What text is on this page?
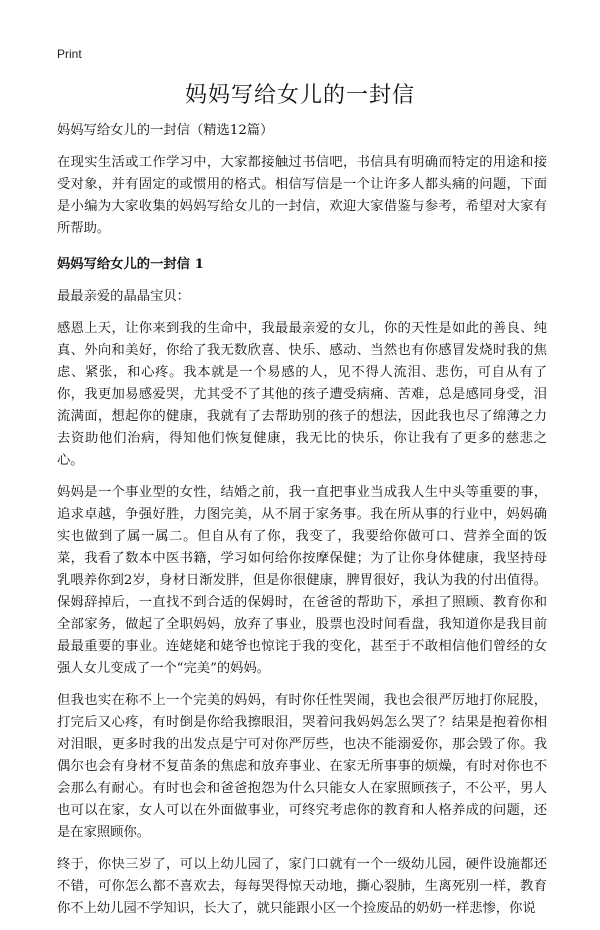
Print
妈妈写给女儿的一封信

妈妈写给女儿的一封信（精选12篇）

在现实生活或工作学习中，大家都接触过书信吧，书信具有明确而特定的用途和接受对象，并有固定的或惯用的格式。相信写信是一个让许多人都头痛的问题，下面是小编为大家收集的妈妈写给女儿的一封信，欢迎大家借鉴与参考，希望对大家有所帮助。

妈妈写给女儿的一封信 1

最最亲爱的晶晶宝贝：

感恩上天，让你来到我的生命中，我最最亲爱的女儿，你的天性是如此的善良、纯真、外向和美好，你给了我无数欣喜、快乐、感动、当然也有你感冒发烧时我的焦虑、紧张，和心疼。我本就是一个易感的人，见不得人流泪、悲伤，可自从有了你，我更加易感爱哭，尤其受不了其他的孩子遭受病痛、苦难，总是感同身受，泪流满面，想起你的健康，我就有了去帮助别的孩子的想法，因此我也尽了绵薄之力去资助他们治病，得知他们恢复健康，我无比的快乐，你让我有了更多的慈悲之心。

妈妈是一个事业型的女性，结婚之前，我一直把事业当成我人生中头等重要的事，追求卓越，争强好胜，力图完美，从不屑于家务事。我在所从事的行业中，妈妈确实也做到了属一属二。但自从有了你，我变了，我要给你做可口、营养全面的饭菜，我看了数本中医书籍，学习如何给你按摩保健；为了让你身体健康，我坚持母乳喂养你到2岁，身材日渐发胖，但是你很健康，脾胃很好，我认为我的付出值得。保姆辞掉后，一直找不到合适的保姆时，在爸爸的帮助下，承担了照顾、教育你和全部家务，做起了全职妈妈，放弃了事业，股票也没时间看盘，我知道你是我目前最最重要的事业。连姥姥和姥爷也惊诧于我的变化，甚至于不敢相信他们曾经的女强人女儿变成了一个“完美”的妈妈。

但我也实在称不上一个完美的妈妈，有时你任性哭闹，我也会很严厉地打你屁股，打完后又心疼，有时倒是你给我擦眼泪，哭着问我妈妈怎么哭了？结果是抱着你相对泪眼，更多时我的出发点是宁可对你严厉些，也决不能溺爱你，那会毁了你。我偶尔也会有身材不复苗条的焦虑和放弃事业、在家无所事事的烦燥，有时对你也不会那么有耐心。有时也会和爸爸抱怨为什么只能女人在家照顾孩子，不公平，男人也可以在家，女人可以在外面做事业，可终究考虑你的教育和人格养成的问题，还是在家照顾你。

终于，你快三岁了，可以上幼儿园了，家门口就有一个一级幼儿园，硬件设施都还不错，可你怎么都不喜欢去，每每哭得惊天动地，撕心裂肺，生离死别一样，教育你不上幼儿园不学知识，长大了，就只能跟小区一个捡废品的奶奶一样悲惨，你说
